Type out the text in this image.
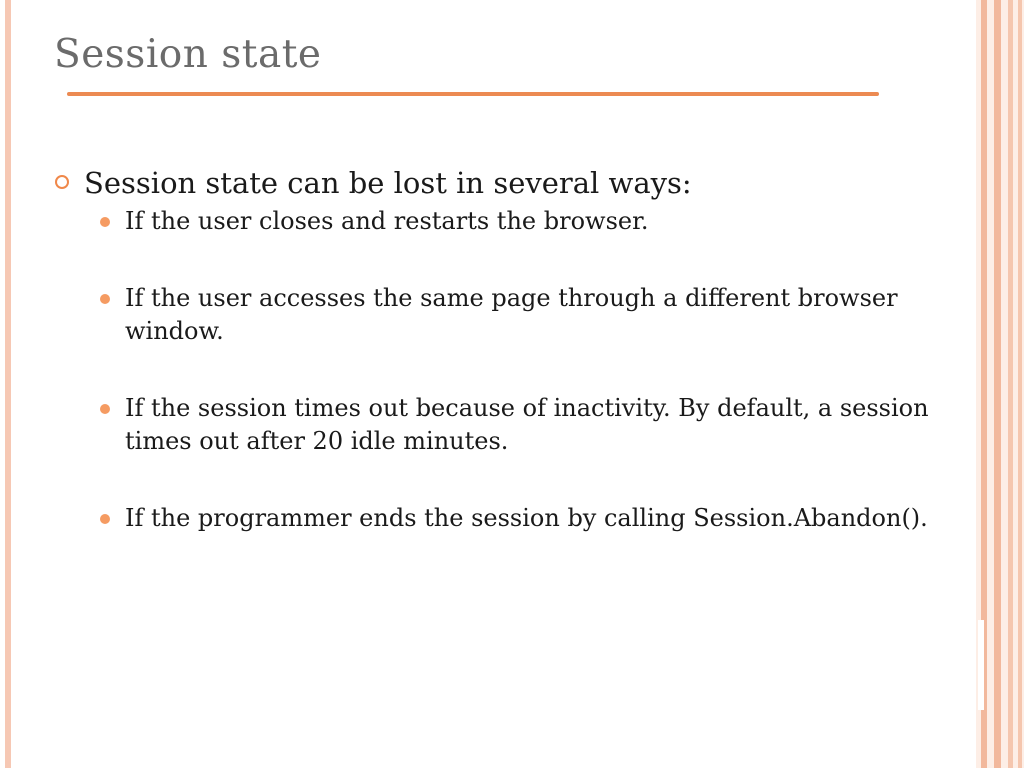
Session state
Session state can be lost in several ways:
If the user closes and restarts the browser.
If the user accesses the same page through a different browser window.
If the session times out because of inactivity. By default, a session times out after 20 idle minutes.
If the programmer ends the session by calling Session.Abandon().
